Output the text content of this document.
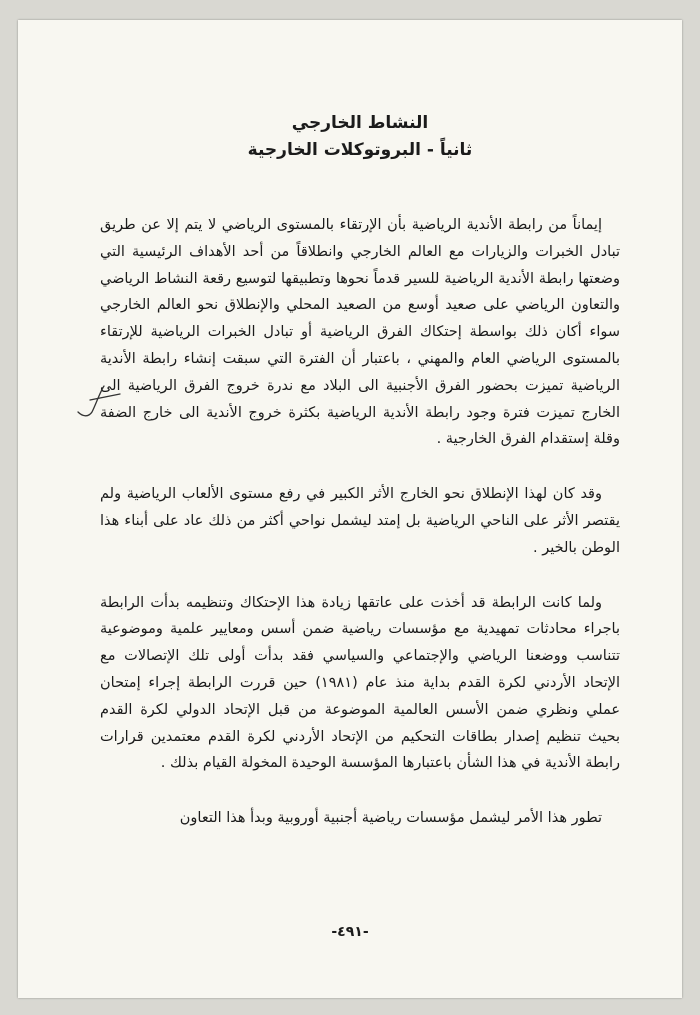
النشاط الخارجي
ثانياً - البروتوكلات الخارجية

إيماناً من رابطة الأندية الرياضية بأن الإرتقاء بالمستوى الرياضي لا يتم إلا عن طريق تبادل الخبرات والزيارات مع العالم الخارجي وانطلاقاً من أحد الأهداف الرئيسية التي وضعتها رابطة الأندية الرياضية للسير قدماً نحوها وتطبيقها لتوسيع رقعة النشاط الرياضي والتعاون الرياضي على صعيد أوسع من الصعيد المحلي والإنطلاق نحو العالم الخارجي سواء أكان ذلك بواسطة إحتكاك الفرق الرياضية أو تبادل الخبرات الرياضية للإرتقاء بالمستوى الرياضي العام والمهني ، باعتبار أن الفترة التي سبقت إنشاء رابطة الأندية الرياضية تميزت بحضور الفرق الأجنبية الى البلاد مع ندرة خروج الفرق الرياضية الى الخارج تميزت فترة وجود رابطة الأندية الرياضية بكثرة خروج الأندية الى خارج الضفة وقلة إستقدام الفرق الخارجية .

وقد كان لهذا الإنطلاق نحو الخارج الأثر الكبير في رفع مستوى الألعاب الرياضية ولم يقتصر الأثر على الناحي الرياضية بل إمتد ليشمل نواحي أكثر من ذلك عاد على أبناء هذا الوطن بالخير .

ولما كانت الرابطة قد أخذت على عاتقها زيادة هذا الإحتكاك وتنظيمه بدأت الرابطة باجراء محادثات تمهيدية مع مؤسسات رياضية ضمن أسس ومعايير علمية وموضوعية تتناسب ووضعنا الرياضي والإجتماعي والسياسي فقد بدأت أولى تلك الإتصالات مع الإتحاد الأردني لكرة القدم بداية منذ عام (١٩٨١) حين قررت الرابطة إجراء إمتحان عملي ونظري ضمن الأسس العالمية الموضوعة من قبل الإتحاد الدولي لكرة القدم بحيث تنظيم إصدار بطاقات التحكيم من الإتحاد الأردني لكرة القدم معتمدين قرارات رابطة الأندية في هذا الشأن باعتبارها المؤسسة الوحيدة المخولة القيام بذلك .

تطور هذا الأمر ليشمل مؤسسات رياضية أجنبية أوروبية وبدأ هذا التعاون

-٤٩١-
